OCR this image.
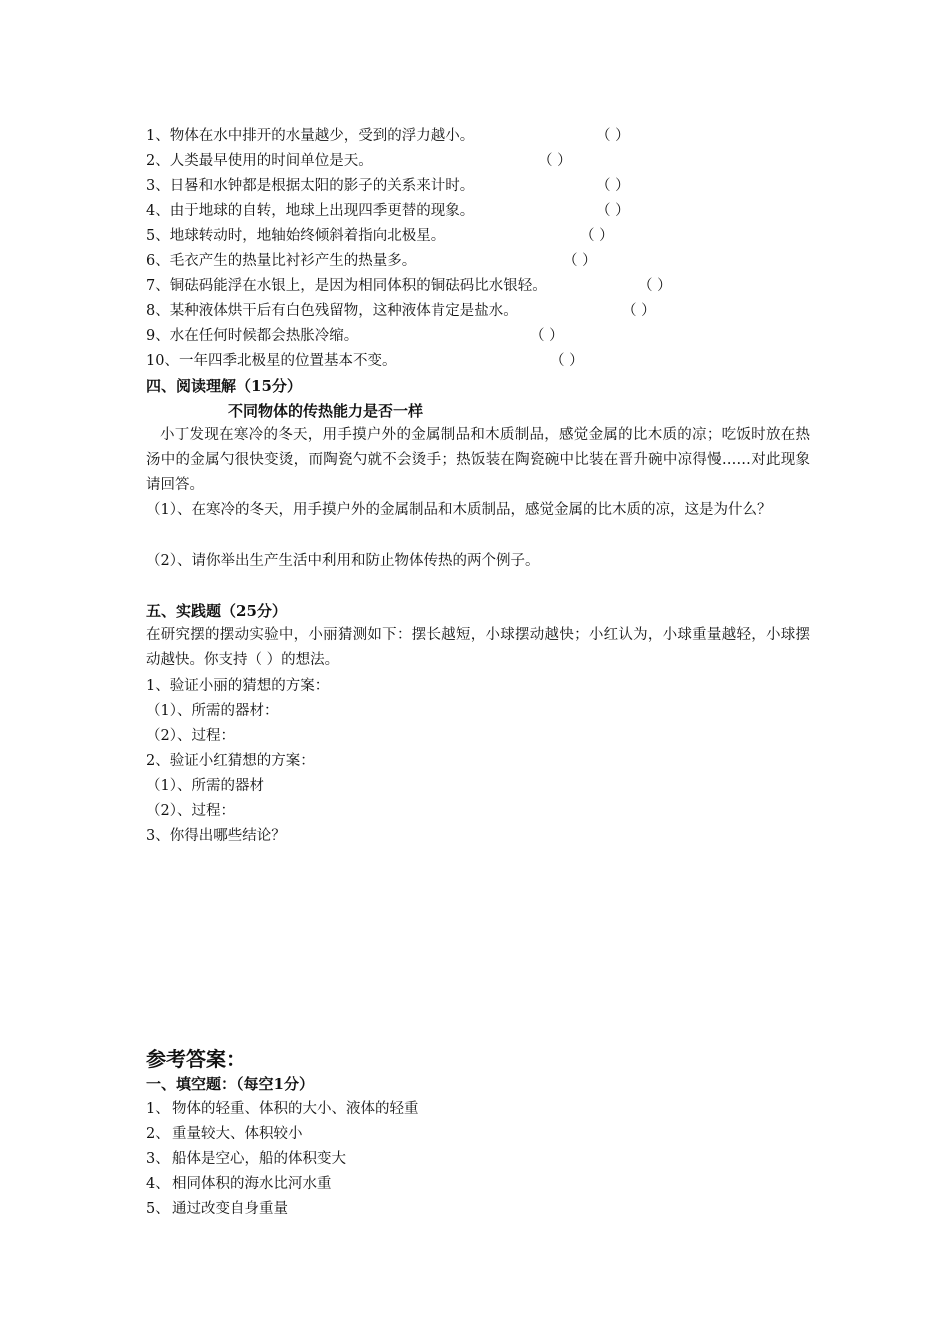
1、物体在水中排开的水量越少，受到的浮力越小。	（ ）
2、人类最早使用的时间单位是天。	（ ）
3、日晷和水钟都是根据太阳的影子的关系来计时。	（ ）
4、由于地球的自转，地球上出现四季更替的现象。	（ ）
5、地球转动时，地轴始终倾斜着指向北极星。	（ ）
6、毛衣产生的热量比衬衫产生的热量多。	（ ）
7、铜砝码能浮在水银上，是因为相同体积的铜砝码比水银轻。	（ ）
8、某种液体烘干后有白色残留物，这种液体肯定是盐水。	（ ）
9、水在任何时候都会热胀冷缩。	（ ）
10、一年四季北极星的位置基本不变。	（ ）
四、阅读理解（15分）
不同物体的传热能力是否一样
小丁发现在寒冷的冬天，用手摸户外的金属制品和木质制品，感觉金属的比木质的凉；吃饭时放在热汤中的金属勺很快变烫，而陶瓷勺就不会烫手；热饭装在陶瓷碗中比装在晋升碗中凉得慢……对此现象请回答。
（1）、在寒冷的冬天，用手摸户外的金属制品和木质制品，感觉金属的比木质的凉，这是为什么？
（2）、请你举出生产生活中利用和防止物体传热的两个例子。
五、实践题（25分）
在研究摆的摆动实验中，小丽猜测如下：摆长越短，小球摆动越快；小红认为，小球重量越轻，小球摆动越快。你支持（ ）的想法。
1、验证小丽的猜想的方案：
（1）、所需的器材：
（2）、过程：
2、验证小红猜想的方案：
（1）、所需的器材
（2）、过程：
3、你得出哪些结论？
参考答案：
一、填空题：（每空1分）
1、 物体的轻重、体积的大小、液体的轻重
2、 重量较大、体积较小
3、 船体是空心，船的体积变大
4、 相同体积的海水比河水重
5、 通过改变自身重量
